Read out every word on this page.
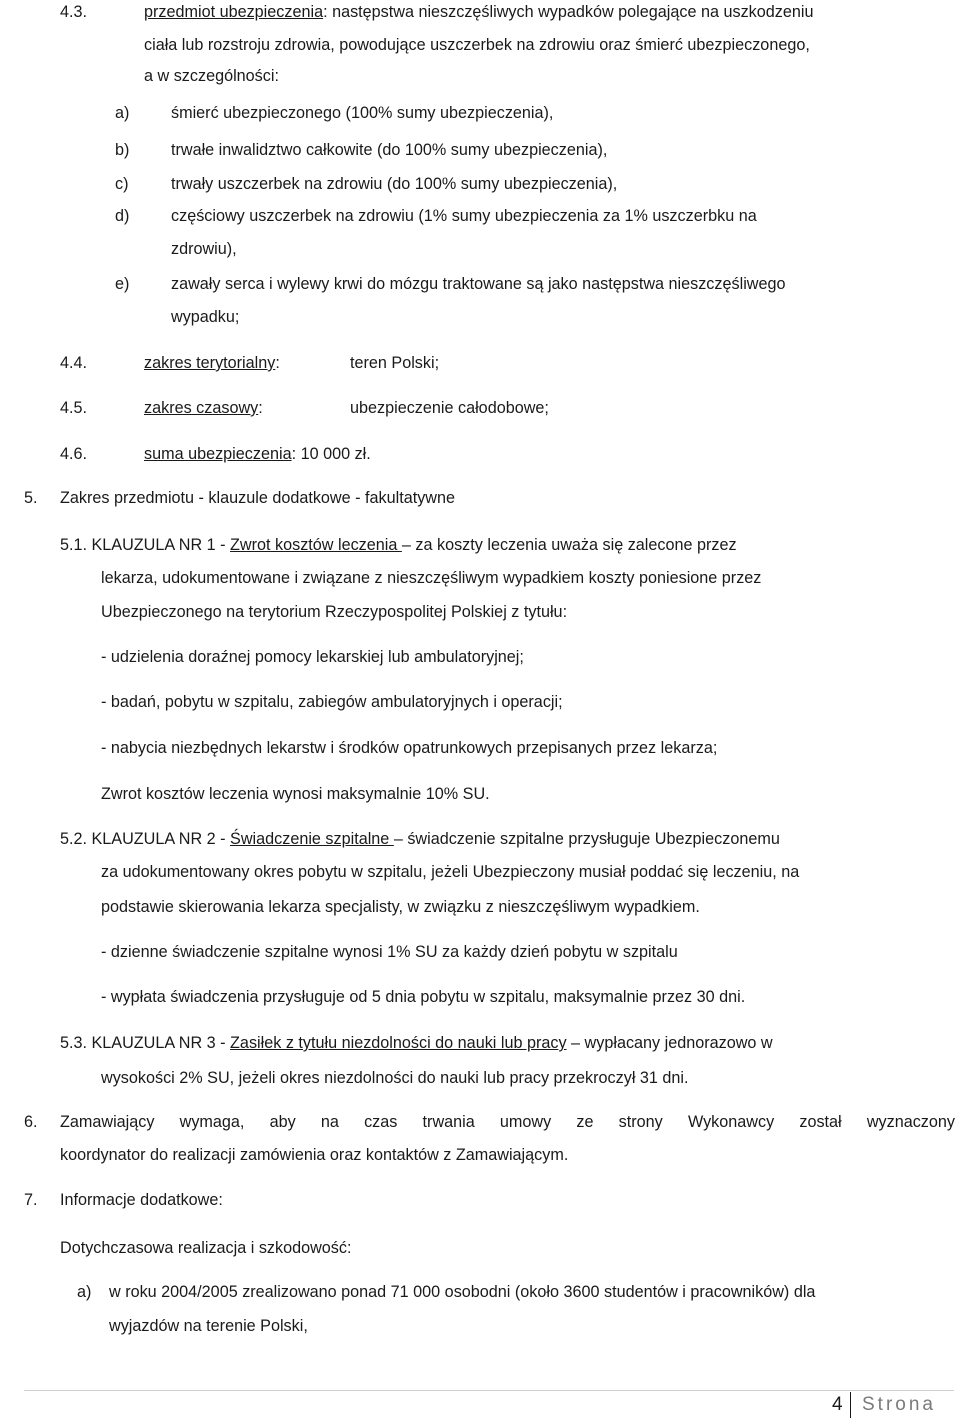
4.3.	przedmiot ubezpieczenia: następstwa nieszczęśliwych wypadków polegające na uszkodzeniu
ciała lub rozstroju zdrowia, powodujące uszczerbek na zdrowiu oraz śmierć ubezpieczonego,
a w szczególności:
a)	śmierć ubezpieczonego (100% sumy ubezpieczenia),
b)	trwałe inwalidztwo całkowite (do 100% sumy ubezpieczenia),
c)	trwały uszczerbek na zdrowiu (do 100% sumy ubezpieczenia),
d)	częściowy uszczerbek na zdrowiu (1% sumy ubezpieczenia za 1% uszczerbku na
zdrowiu),
e)	zawały serca i wylewy krwi do mózgu traktowane są jako następstwa nieszczęśliwego
wypadku;
4.4.	zakres terytorialny:	teren Polski;
4.5.	zakres czasowy:	ubezpieczenie całodobowe;
4.6.	suma ubezpieczenia: 10 000 zł.
5. Zakres przedmiotu - klauzule dodatkowe - fakultatywne
5.1. KLAUZULA NR 1 - Zwrot kosztów leczenia – za koszty leczenia uważa się zalecone przez
lekarza, udokumentowane i związane z nieszczęśliwym wypadkiem koszty poniesione przez
Ubezpieczonego na terytorium Rzeczypospolitej Polskiej z tytułu:
- udzielenia doraźnej pomocy lekarskiej lub ambulatoryjnej;
- badań, pobytu w szpitalu, zabiegów ambulatoryjnych i operacji;
- nabycia niezbędnych lekarstw i środków opatrunkowych przepisanych przez lekarza;
Zwrot kosztów leczenia wynosi maksymalnie 10% SU.
5.2. KLAUZULA NR 2 - Świadczenie szpitalne – świadczenie szpitalne przysługuje Ubezpieczonemu
za udokumentowany okres pobytu w szpitalu, jeżeli Ubezpieczony musiał poddać się leczeniu, na
podstawie skierowania lekarza specjalisty, w związku z nieszczęśliwym wypadkiem.
- dzienne świadczenie szpitalne wynosi 1% SU za każdy dzień pobytu w szpitalu
- wypłata świadczenia przysługuje od 5 dnia pobytu w szpitalu, maksymalnie przez 30 dni.
5.3. KLAUZULA NR 3 - Zasiłek z tytułu niezdolności do nauki lub pracy – wypłacany jednorazowo w
wysokości 2% SU, jeżeli okres niezdolności do nauki lub pracy przekroczył 31 dni.
6. Zamawiający wymaga, aby na czas trwania umowy ze strony Wykonawcy został wyznaczony
koordynator do realizacji zamówienia oraz kontaktów z Zamawiającym.
7. Informacje dodatkowe:
Dotychczasowa realizacja i szkodowość:
a) w roku 2004/2005 zrealizowano ponad 71 000 osobodni (około 3600 studentów i pracowników) dla
wyjazdów na terenie Polski,
4 Strona
